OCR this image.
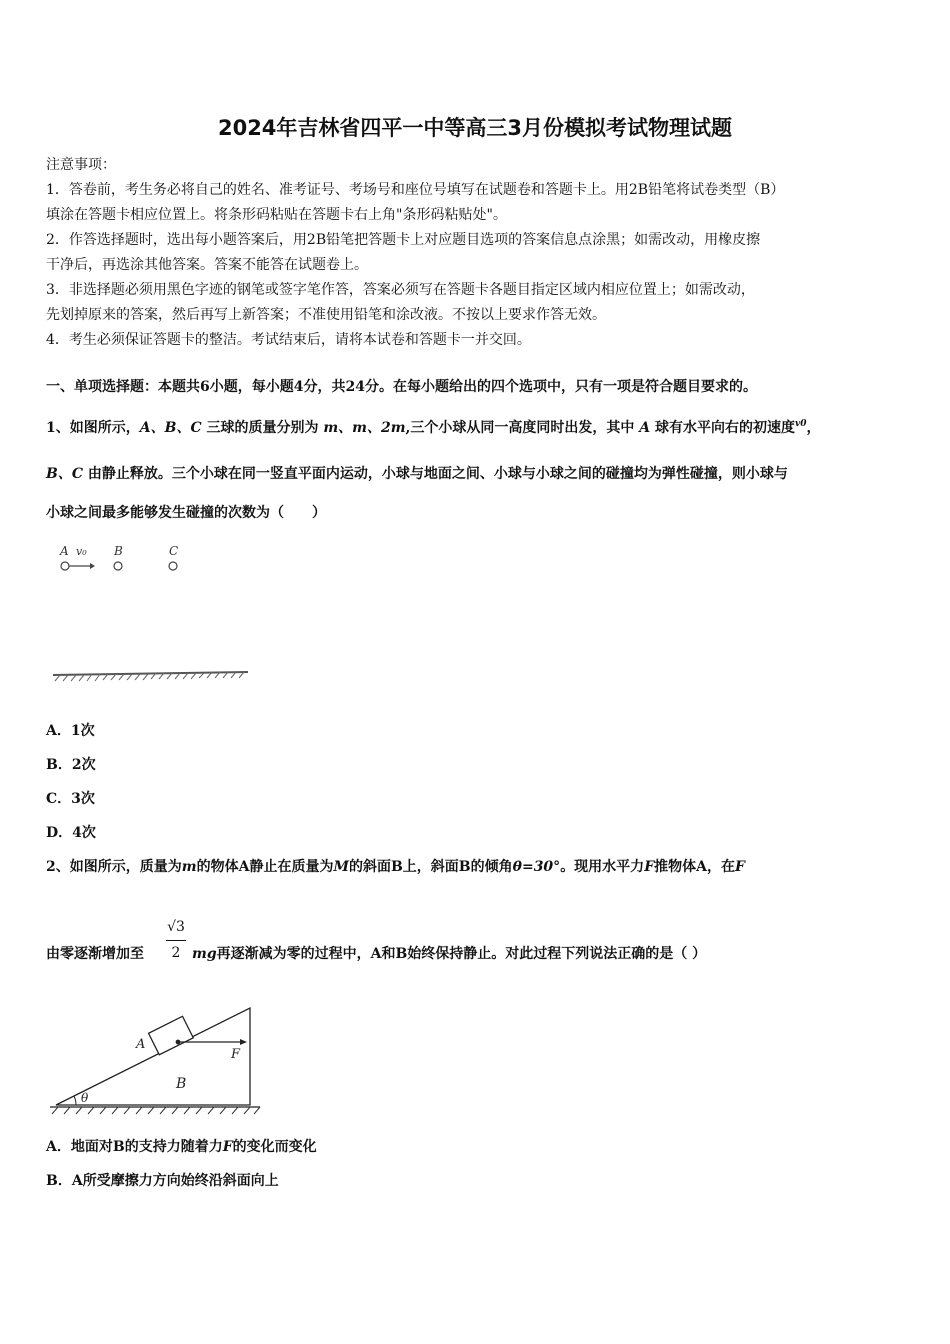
2024年吉林省四平一中等高三3月份模拟考试物理试题
注意事项：
1．答卷前，考生务必将自己的姓名、准考证号、考场号和座位号填写在试题卷和答题卡上。用2B铅笔将试卷类型（B）
填涂在答题卡相应位置上。将条形码粘贴在答题卡右上角"条形码粘贴处"。
2．作答选择题时，选出每小题答案后，用2B铅笔把答题卡上对应题目选项的答案信息点涂黑；如需改动，用橡皮擦
干净后，再选涂其他答案。答案不能答在试题卷上。
3．非选择题必须用黑色字迹的钢笔或签字笔作答，答案必须写在答题卡各题目指定区域内相应位置上；如需改动，
先划掉原来的答案，然后再写上新答案；不准使用铅笔和涂改液。不按以上要求作答无效。
4．考生必须保证答题卡的整洁。考试结束后，请将本试卷和答题卡一并交回。
一、单项选择题：本题共6小题，每小题4分，共24分。在每小题给出的四个选项中，只有一项是符合题目要求的。
1、如图所示，A、B、C 三球的质量分别为 m、m、2m,三个小球从同一高度同时出发，其中 A 球有水平向右的初速度$^{v0}$，
B、C 由静止释放。三个小球在同一竖直平面内运动，小球与地面之间、小球与小球之间的碰撞均为弹性碰撞，则小球与
小球之间最多能够发生碰撞的次数为（　　）
A v₀ B	C
A．1次
B．2次
C．3次
D．4次
2、如图所示，质量为m的物体A静止在质量为M的斜面B上，斜面B的倾角θ=30°。现用水平力F推物体A，在F
√3
2
由零逐渐增加至	mg再逐渐减为零的过程中，A和B始终保持静止。对此过程下列说法正确的是（ ）
A
F
B
θ
A．地面对B的支持力随着力F的变化而变化
B．A所受摩擦力方向始终沿斜面向上
